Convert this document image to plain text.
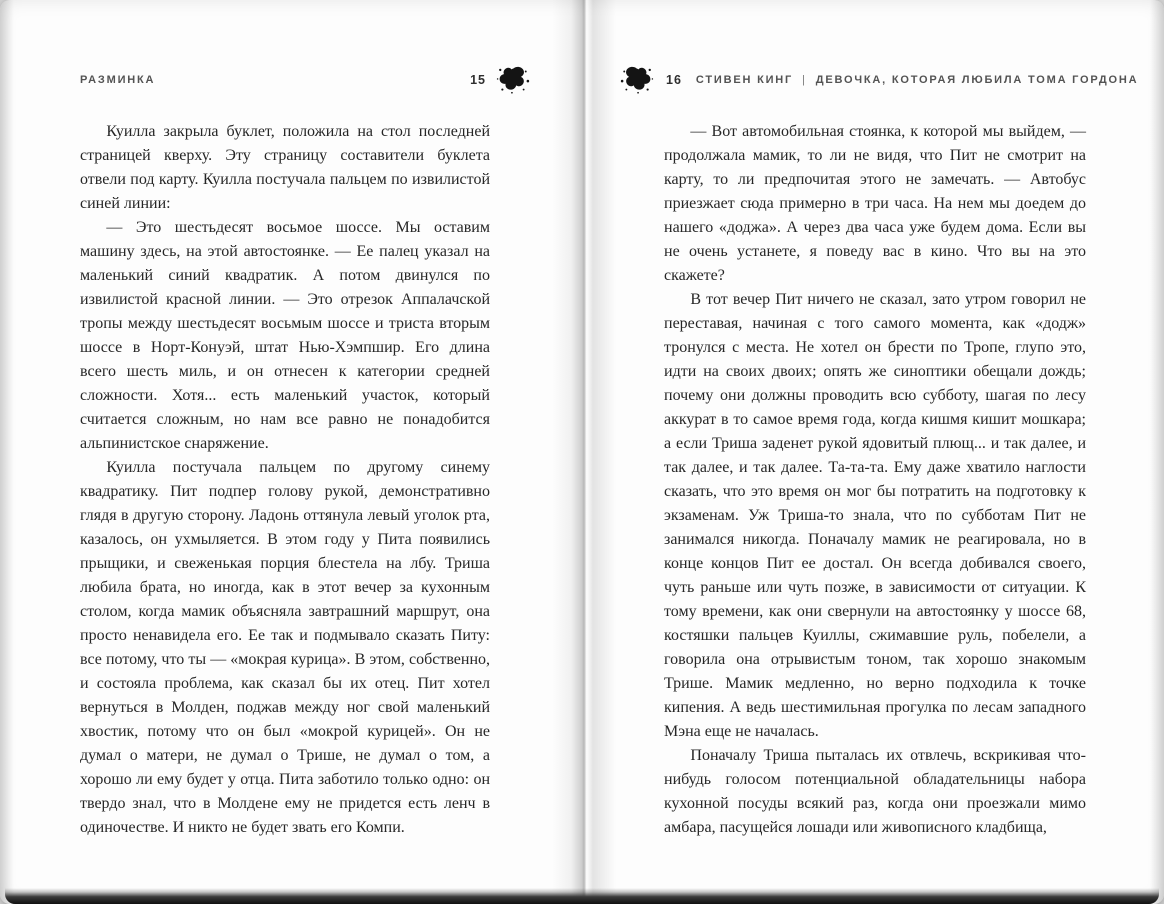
РАЗМИНКА	15

Куилла закрыла буклет, положила на стол последней страницей кверху. Эту страницу составители буклета отвели под карту. Куилла постучала пальцем по извилистой синей линии:

— Это шестьдесят восьмое шоссе. Мы оставим машину здесь, на этой автостоянке. — Ее палец указал на маленький синий квадратик. А потом двинулся по извилистой красной линии. — Это отрезок Аппалачской тропы между шестьдесят восьмым шоссе и триста вторым шоссе в Норт-Конуэй, штат Нью-Хэмпшир. Его длина всего шесть миль, и он отнесен к категории средней сложности. Хотя... есть маленький участок, который считается сложным, но нам все равно не понадобится альпинистское снаряжение.

Куилла постучала пальцем по другому синему квадратику. Пит подпер голову рукой, демонстративно глядя в другую сторону. Ладонь оттянула левый уголок рта, казалось, он ухмыляется. В этом году у Пита появились прыщики, и свеженькая порция блестела на лбу. Триша любила брата, но иногда, как в этот вечер за кухонным столом, когда мамик объясняла завтрашний маршрут, она просто ненавидела его. Ее так и подмывало сказать Питу: все потому, что ты — «мокрая курица». В этом, собственно, и состояла проблема, как сказал бы их отец. Пит хотел вернуться в Молден, поджав между ног свой маленький хвостик, потому что он был «мокрой курицей». Он не думал о матери, не думал о Трише, не думал о том, а хорошо ли ему будет у отца. Пита заботило только одно: он твердо знал, что в Молдене ему не придется есть ленч в одиночестве. И никто не будет звать его Компи.

16 СТИВЕН КИНГ | ДЕВОЧКА, КОТОРАЯ ЛЮБИЛА ТОМА ГОРДОНА

— Вот автомобильная стоянка, к которой мы выйдем, — продолжала мамик, то ли не видя, что Пит не смотрит на карту, то ли предпочитая этого не замечать. — Автобус приезжает сюда примерно в три часа. На нем мы доедем до нашего «доджа». А через два часа уже будем дома. Если вы не очень устанете, я поведу вас в кино. Что вы на это скажете?

В тот вечер Пит ничего не сказал, зато утром говорил не переставая, начиная с того самого момента, как «додж» тронулся с места. Не хотел он брести по Тропе, глупо это, идти на своих двоих; опять же синоптики обещали дождь; почему они должны проводить всю субботу, шагая по лесу аккурат в то самое время года, когда кишмя кишит мошкара; а если Триша заденет рукой ядовитый плющ... и так далее, и так далее, и так далее. Та-та-та. Ему даже хватило наглости сказать, что это время он мог бы потратить на подготовку к экзаменам. Уж Триша-то знала, что по субботам Пит не занимался никогда. Поначалу мамик не реагировала, но в конце концов Пит ее достал. Он всегда добивался своего, чуть раньше или чуть позже, в зависимости от ситуации. К тому времени, как они свернули на автостоянку у шоссе 68, костяшки пальцев Куиллы, сжимавшие руль, побелели, а говорила она отрывистым тоном, так хорошо знакомым Трише. Мамик медленно, но верно подходила к точке кипения. А ведь шестимильная прогулка по лесам западного Мэна еще не началась.

Поначалу Триша пыталась их отвлечь, вскрикивая что-нибудь голосом потенциальной обладательницы набора кухонной посуды всякий раз, когда они проезжали мимо амбара, пасущейся лошади или живописного кладбища,
